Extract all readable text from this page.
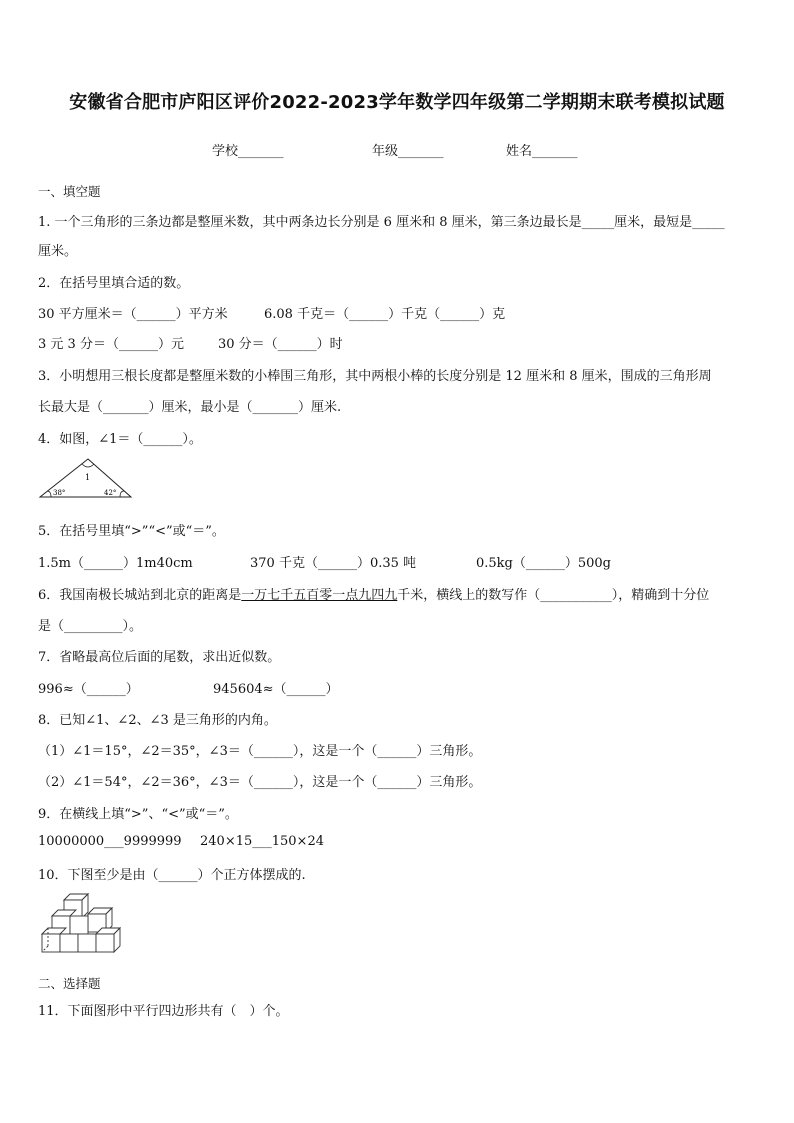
安徽省合肥市庐阳区评价2022-2023学年数学四年级第二学期期末联考模拟试题
学校_______	年级_______	姓名_______
一、填空题
1. 一个三角形的三条边都是整厘米数，其中两条边长分别是 6 厘米和 8 厘米，第三条边最长是_____厘米，最短是_____
厘米。
2．在括号里填合适的数。
30 平方厘米＝（______）平方米	6.08 千克＝（______）千克（______）克
3 元 3 分＝（______）元	30 分＝（______）时
3．小明想用三根长度都是整厘米数的小棒围三角形，其中两根小棒的长度分别是 12 厘米和 8 厘米，围成的三角形周
长最大是（_______）厘米，最小是（_______）厘米.
4．如图，∠1＝（______）。
1
38°	42°
5．在括号里填“>”“<”或“＝”。
1.5m（______）1m40cm	370 千克（______）0.35 吨	0.5kg（______）500g
6．我国南极长城站到北京的距离是一万七千五百零一点九四九千米，横线上的数写作（___________），精确到十分位
是（_________）。
7．省略最高位后面的尾数，求出近似数。
996≈（______）	945604≈（______）
8．已知∠1、∠2、∠3 是三角形的内角。
（1）∠1＝15°，∠2＝35°，∠3＝（______），这是一个（______）三角形。
（2）∠1＝54°，∠2＝36°，∠3＝（______），这是一个（______）三角形。
9．在横线上填“>”、“<”或“＝”。
10000000___9999999 240×15___150×24
10．下图至少是由（______）个正方体摆成的.
二、选择题
11．下面图形中平行四边形共有（　）个。
